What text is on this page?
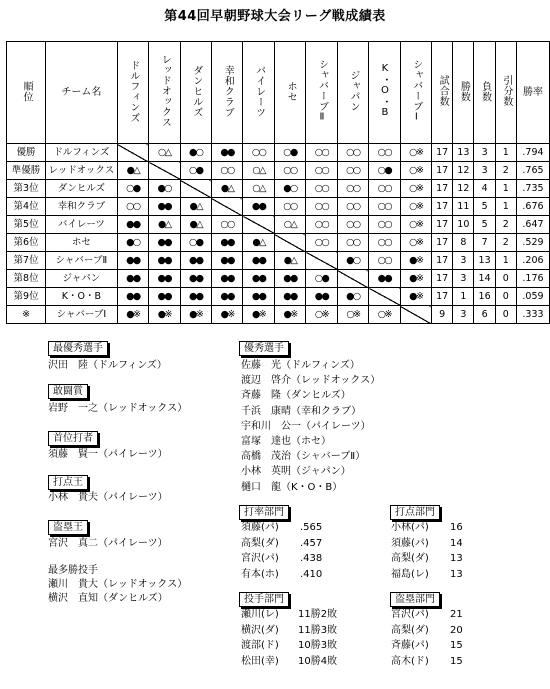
第44回早朝野球大会リーグ戦成績表
順位	チーム名	ドルフィンズ	レッドオックス	ダンヒルズ	幸和クラブ	バイレーツ	ホセ	シャバーブⅡ	ジャパン	K・O・B	シャバーブⅠ	試合数	勝数	負数	引分数	勝率
優勝	ドルフィンズ		○△	●○	●●	○○	○●	○○	○○	○○	○※	17	13	3	1	.794
準優勝	レッドオックス	●△		○●	○○	○△	○○	○○	○○	○●	○※	17	12	3	2	.765
第3位	ダンヒルズ	○●	●○		●△	○△	●○	○○	○○	○○	○※	17	12	4	1	.735
第4位	幸和クラブ	○○	●●	●△		●●	○○	○○	○○	○○	○※	17	11	5	1	.676
第5位	バイレーツ	●●	●△	●△	○○		○△	○○	○○	○○	○※	17	10	5	2	.647
第6位	ホセ	●○	●●	○●	●●	●△		○○	○○	○○	○※	17	8	7	2	.529
第7位	シャバーブⅡ	●●	●●	●●	●●	●●	●△		●○	○○	●※	17	3	13	1	.206
第8位	ジャパン	●●	●●	●●	●●	●●	●●	○●		●●	●※	17	3	14	0	.176
第9位	K・O・B	●●	●●	●●	●●	●●	●●	●●	●○		●※	17	1	16	0	.059
※	シャバーブⅠ	●※	●※	●※	●※	●※	●※	○※	○※	○※		9	3	6	0	.333
最優秀選手
沢田　陸（ドルフィンズ）
敢闘賞
岩野　一之（レッドオックス）
首位打者
須藤　賢一（パイレーツ）
打点王
小林　貴夫（パイレーツ）
盗塁王
宮沢　真二（パイレーツ）
最多勝投手
瀬川　貴大（レッドオックス）
横沢　直知（ダンヒルズ）
優秀選手
佐藤　光（ドルフィンズ）
渡辺　啓介（レッドオックス）
斉藤　隆（ダンヒルズ）
千浜　康晴（幸和クラブ）
宇和川　公一（パイレーツ）
富塚　達也（ホセ）
高橋　茂治（シャバーブⅡ）
小林　英明（ジャパン）
樋口　龍（K・O・B）
打率部門	打点部門
投手部門	盗塁部門
須藤(パ) .565
高梨(ダ) .457
宮沢(パ) .438
有本(ホ) .410
小林(パ) 16
須藤(パ) 14
高梨(ダ) 13
福島(レ) 13
瀬川(レ) 11勝2敗
横沢(ダ) 11勝3敗
渡部(ド) 10勝3敗
松田(幸) 10勝4敗
宮沢(パ) 21
高梨(ダ) 20
斉藤(パ) 15
高木(ド) 15
